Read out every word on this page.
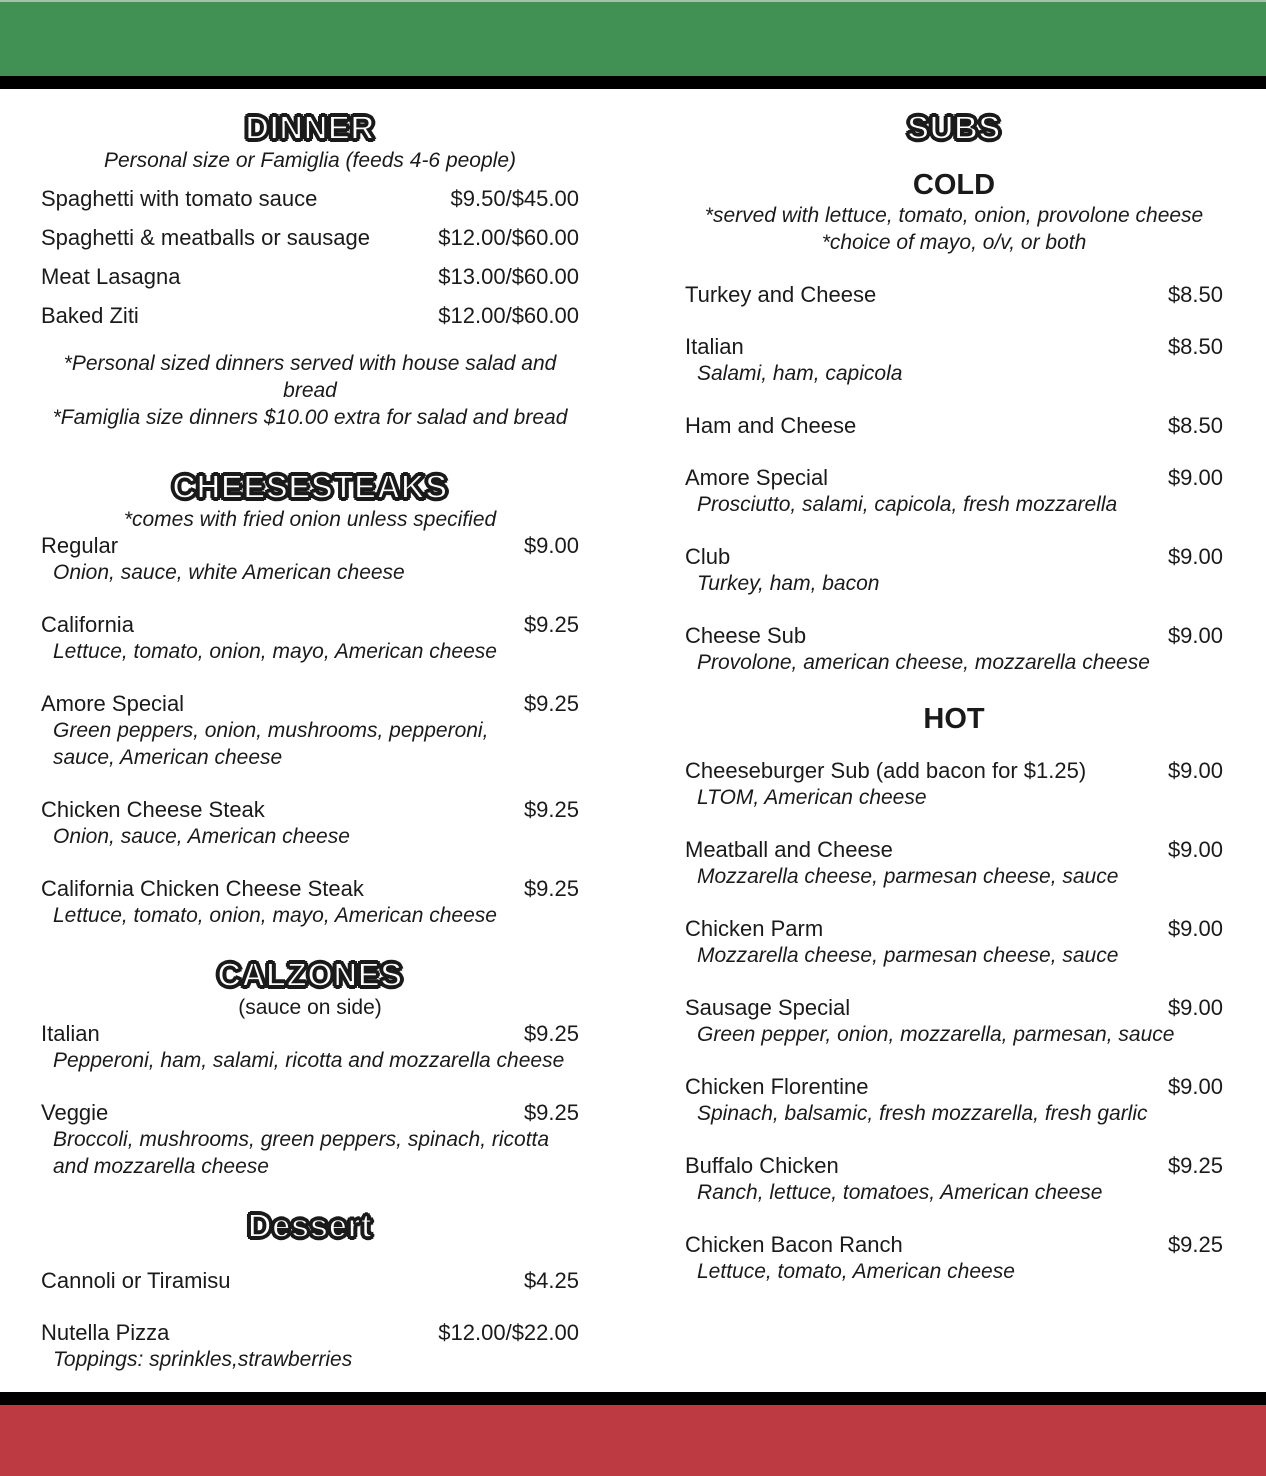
DINNER
Personal size or Famiglia (feeds 4-6 people)
Spaghetti with tomato sauce	$9.50/$45.00
Spaghetti & meatballs or sausage	$12.00/$60.00
Meat Lasagna	$13.00/$60.00
Baked Ziti	$12.00/$60.00
*Personal sized dinners served with house salad and bread
*Famiglia size dinners $10.00 extra for salad and bread
CHEESESTEAKS
*comes with fried onion unless specified
Regular	$9.00
Onion, sauce, white American cheese
California	$9.25
Lettuce, tomato, onion, mayo, American cheese
Amore Special	$9.25
Green peppers, onion, mushrooms, pepperoni, sauce, American cheese
Chicken Cheese Steak	$9.25
Onion, sauce, American cheese
California Chicken Cheese Steak	$9.25
Lettuce, tomato, onion, mayo, American cheese
CALZONES
(sauce on side)
Italian	$9.25
Pepperoni, ham, salami, ricotta and mozzarella cheese
Veggie	$9.25
Broccoli, mushrooms, green peppers, spinach, ricotta and mozzarella cheese
Dessert
Cannoli or Tiramisu	$4.25
Nutella Pizza	$12.00/$22.00
Toppings: sprinkles,strawberries
SUBS
COLD
*served with lettuce, tomato, onion, provolone cheese
*choice of mayo, o/v, or both
Turkey and Cheese	$8.50
Italian	$8.50
Salami, ham, capicola
Ham and Cheese	$8.50
Amore Special	$9.00
Prosciutto, salami, capicola, fresh mozzarella
Club	$9.00
Turkey, ham, bacon
Cheese Sub	$9.00
Provolone, american cheese, mozzarella cheese
HOT
Cheeseburger Sub (add bacon for $1.25)	$9.00
LTOM, American cheese
Meatball and Cheese	$9.00
Mozzarella cheese, parmesan cheese, sauce
Chicken Parm	$9.00
Mozzarella cheese, parmesan cheese, sauce
Sausage Special	$9.00
Green pepper, onion, mozzarella, parmesan, sauce
Chicken Florentine	$9.00
Spinach, balsamic, fresh mozzarella, fresh garlic
Buffalo Chicken	$9.25
Ranch, lettuce, tomatoes, American cheese
Chicken Bacon Ranch	$9.25
Lettuce, tomato, American cheese
